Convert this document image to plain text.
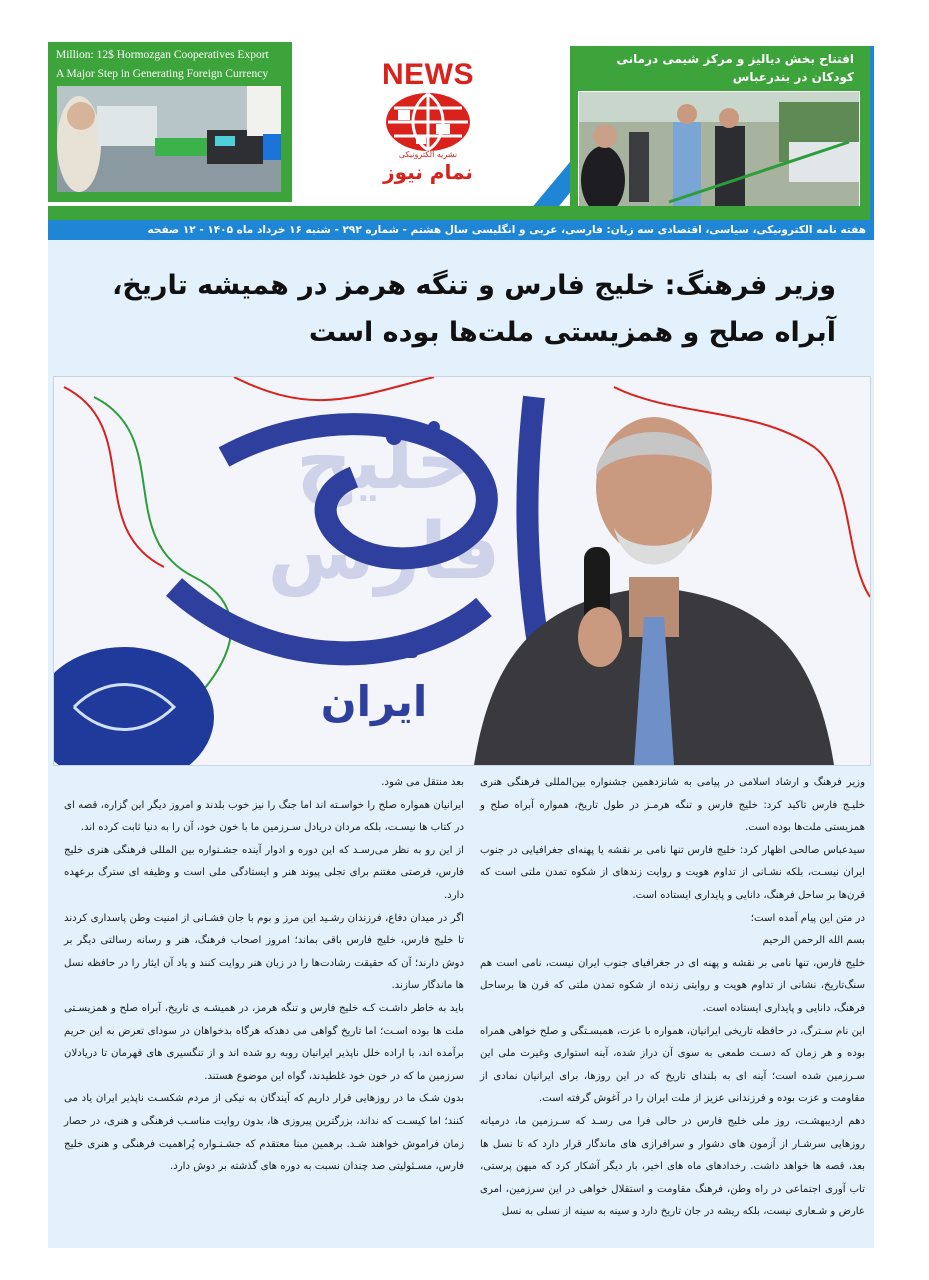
Million: 12$ Hormozgan Cooperatives Export
A Major Step in Generating Foreign Currency	NEWS
نشریه الکترونیکی
نمام نیوز
افتتاح بخش دیالیز و مرکز شیمی درمانی کودکان در بندرعباس
هفته نامه الکترونیکی، سیاسی، اقتصادی سه زبان: فارسی، عربی و انگلیسی سال هشتم - شماره ۲۹۲ - شنبه ۱۶ خرداد ماه ۱۴۰۵ - ۱۲ صفحه
وزیر فرهنگ: خلیج فارس و تنگه هرمز در همیشه تاریخ، آبراه صلح و همزیستی ملت‌ها بوده است
خلیج فارس
قلب تپنده
ایران

وزیر فرهنگ و ارشاد اسلامی در پیامی به شانزدهمین جشنواره بین‌المللی فرهنگی هنری خلیـج فارس تاکید کرد: خلیج فارس و تنگه هرمـز در طول تاریخ، همواره آبراه صلح و همزیستی ملت‌ها بوده است.

سیدعباس صالحی اظهار کرد: خلیج فارس تنها نامی بر نقشه یا پهنه‌ای جغرافیایی در جنوب ایران نیسـت، بلکه نشـانی از تداوم هویت و روایت زندهای از شکوه تمدن ملتی است که قرن‌ها بر ساحل فرهنگ، دانایی و پایداری ایستاده است.

در متن این پیام آمده است؛

بسم الله الرحمن الرحیم

خلیج فارس، تنها نامی بر نقشه و پهنه ای در جغرافیای جنوب ایران نیست، نامی است هم سنگ‌تاریخ، نشانی از تداوم هویت و روایتی زنده از شکوه تمدن ملتی که قرن ها برساحل فرهنگ، دانایی و پایداری ایستاده است.

این نام سـترگ، در حافظه تاریخی ایرانیان، همواره با عزت، همبسـتگی و صلح خواهی همراه بوده و هر زمان که دسـت طمعی به سوی آن دراز شده، آینه استواری وغیرت ملی این سـرزمین شده است؛ آینه ای به بلندای تاریخ که در این روزها، برای ایرانیان نمادی از مقاومت و عزت بوده و فرزندانی عزیز از ملت ایران را در آغوش گرفته است.

دهم اردیبهشـت، روز ملی خلیج فارس در حالی فرا می رسـد که سـرزمین ما، درمیانه روزهایی سرشـار از آزمون های دشوار و سرافرازی های ماندگار قرار دارد که تا نسل ها بعد، قصه ها خواهد داشت. رخدادهای ماه های اخیر، بار دیگر آشکار کرد که میهن پرستی، تاب آوری اجتماعی در راه وطن، فرهنگ مقاومت و استقلال خواهی در این سرزمین، امری عارض و شـعاری نیست، بلکه ریشه در جان تاریخ دارد و سینه به سینه از نسلی به نسل

بعد منتقل می شود.

ایرانیان همواره صلح را خواسـته اند اما جنگ را نیز خوب بلدند و امروز دیگر این گزاره، قصه ای در کتاب ها نیسـت، بلکه مردان دریادل سـرزمین ما با خون خود، آن را به دنیا ثابت کرده اند.

از این رو به نظر می‌رسـد که این دوره و ادوار آینده جشـنواره بین المللی فرهنگی هنری خلیج فارس، فرصتی مغتنم برای تجلی پیوند هنر و ایستادگی ملی است و وظیفه ای سترگ برعهده دارد.

اگر در میدان دفاع، فرزندان رشـید این مرز و بوم با جان فشـانی از امنیت وطن پاسداری کردند تا خلیج فارس، خلیج فارس باقی بماند؛ امروز اصحاب فرهنگ، هنر و رسانه رسالتی دیگر بر دوش دارند؛ آن که حقیقت رشادت‌ها را در زبان هنر روایت کنند و یاد آن ایثار را در حافظه نسل ها ماندگار سازند.

باید به خاطر داشـت کـه خلیج فارس و تنگه هرمز، در همیشـه ی تاریخ، آبراه صلح و همزیسـتی ملت ها بوده اسـت؛ اما تاریخ گواهی می دهدکه هرگاه بدخواهان در سودای تعرض به این حریم برآمده اند، با اراده خلل ناپذیر ایرانیان روبه رو شده اند و از تنگسیری های قهرمان تا دریادلان سرزمین ما که در خون خود غلطیدند، گواه این موضوع هستند.

بدون شـک ما در روزهایی قرار داریم که آیندگان به نیکی از مردم شکسـت ناپذیر ایران یاد می کنند؛ اما کیسـت که نداند، بزرگترین پیروزی ها، بدون روایت مناسـب فرهنگی و هنری، در حصار زمان فراموش خواهند شـد. برهمین مبنا معتقدم که جشـنـواره پُراهمیت فرهنگی و هنری خلیج فارس، مسـئولیتی صد چندان نسبت به دوره های گذشته بر دوش دارد.
